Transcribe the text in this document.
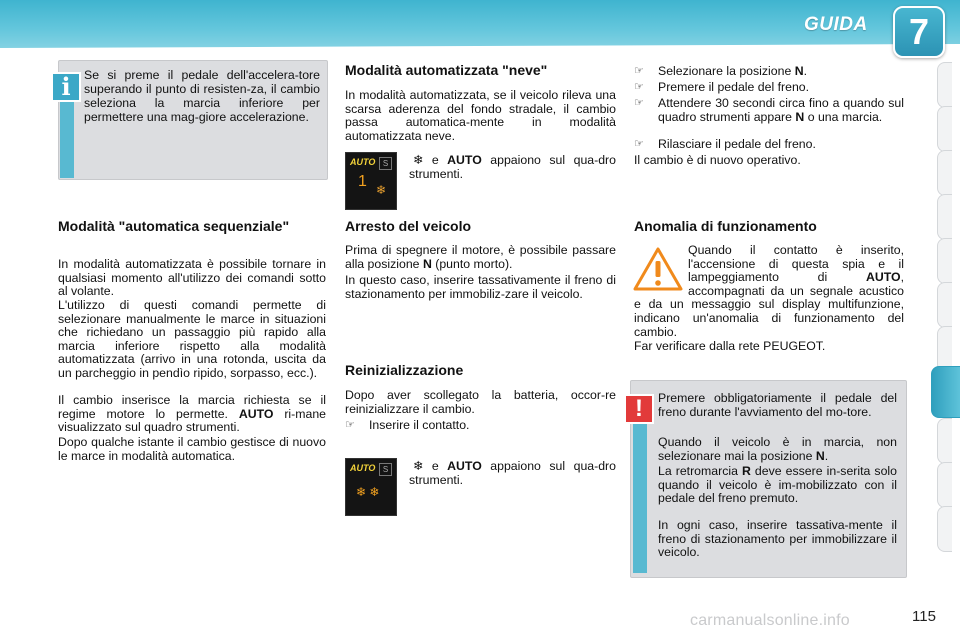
GUIDA	7
i	Se si preme il pedale dell'accelera-tore superando il punto di resisten-za, il cambio seleziona la marcia inferiore per permettere una mag-giore accelerazione.
Modalità "automatica sequenziale"

In modalità automatizzata è possibile tornare in qualsiasi momento all'utilizzo dei comandi sotto al volante.

L'utilizzo di questi comandi permette di selezionare manualmente le marce in situazioni che richiedano un passaggio più rapido alla marcia inferiore rispetto alla modalità automatizzata (arrivo in una rotonda, uscita da un parcheggio in pendìo ripido, sorpasso, ecc.).

Il cambio inserisce la marcia richiesta se il regime motore lo permette. AUTO ri-mane visualizzato sul quadro strumenti.

Dopo qualche istante il cambio gestisce di nuovo le marce in modalità automatica.

Modalità automatizzata "neve"

In modalità automatizzata, se il veicolo rileva una scarsa aderenza del fondo stradale, il cambio passa automatica-mente in modalità automatizzata neve.

AUTO S
1 ❄

❄ e AUTO appaiono sul qua-dro strumenti.

Arresto del veicolo

Prima di spegnere il motore, è possibile passare alla posizione N (punto morto).

In questo caso, inserire tassativamente il freno di stazionamento per immobiliz-zare il veicolo.

Reinizializzazione

Dopo aver scollegato la batteria, occor-re reinizializzare il cambio.

☞ Inserire il contatto.
AUTO S
❄ ❄

❄ e AUTO appaiono sul qua-dro strumenti.

☞ Selezionare la posizione N.
☞ Premere il pedale del freno.
☞ Attendere 30 secondi circa fino a quando sul quadro strumenti appare N o una marcia.
☞ Rilasciare il pedale del freno.

Il cambio è di nuovo operativo.

Anomalia di funzionamento

Quando il contatto è inserito, l'accensione di questa spia e il lampeggiamento di AUTO, accompagnati da un segnale acustico e da un messaggio sul display multifunzione, indicano un'anomalia di funzionamento del cambio.

Far verificare dalla rete PEUGEOT.

!	Premere obbligatoriamente il pedale del freno durante l'avviamento del mo-tore.

Quando il veicolo è in marcia, non selezionare mai la posizione N.

La retromarcia R deve essere in-serita solo quando il veicolo è im-mobilizzato con il pedale del freno premuto.

In ogni caso, inserire tassativa-mente il freno di stazionamento per immobilizzare il veicolo.

carmanualsonline.info	115
